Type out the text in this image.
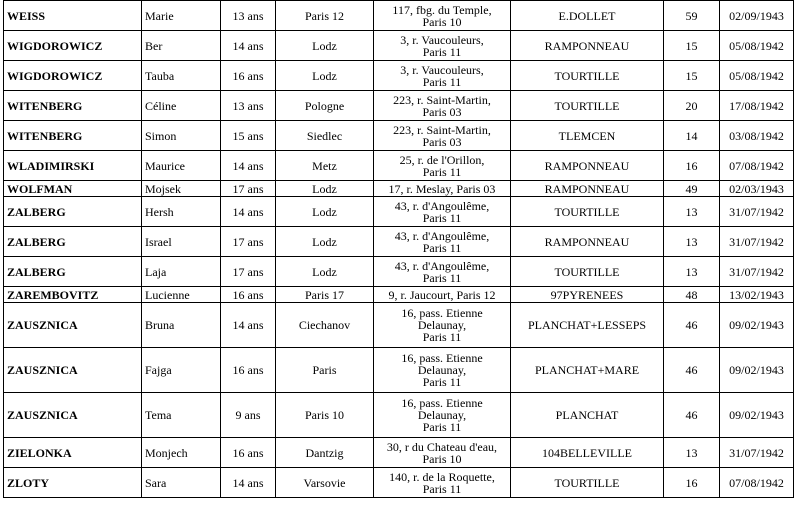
WEISS	Marie	13 ans	Paris 12	117, fbg. du Temple,
Paris 10	E.DOLLET	59	02/09/1943
WIGDOROWICZ	Ber	14 ans	Lodz	3, r. Vaucouleurs,
Paris 11	RAMPONNEAU	15	05/08/1942
WIGDOROWICZ	Tauba	16 ans	Lodz	3, r. Vaucouleurs,
Paris 11	TOURTILLE	15	05/08/1942
WITENBERG	Céline	13 ans	Pologne	223, r. Saint-Martin,
Paris 03	TOURTILLE	20	17/08/1942
WITENBERG	Simon	15 ans	Siedlec	223, r. Saint-Martin,
Paris 03	TLEMCEN	14	03/08/1942
WLADIMIRSKI	Maurice	14 ans	Metz	25, r. de l'Orillon,
Paris 11	RAMPONNEAU	16	07/08/1942
WOLFMAN	Mojsek	17 ans	Lodz	17, r. Meslay, Paris 03	RAMPONNEAU	49	02/03/1943
ZALBERG	Hersh	14 ans	Lodz	43, r. d'Angoulême,
Paris 11	TOURTILLE	13	31/07/1942
ZALBERG	Israel	17 ans	Lodz	43, r. d'Angoulême,
Paris 11	RAMPONNEAU	13	31/07/1942
ZALBERG	Laja	17 ans	Lodz	43, r. d'Angoulême,
Paris 11	TOURTILLE	13	31/07/1942
ZAREMBOVITZ	Lucienne	16 ans	Paris 17	9, r. Jaucourt, Paris 12	97PYRENEES	48	13/02/1943
ZAUSZNICA	Bruna	14 ans	Ciechanov	16, pass. Etienne
Delaunay,
Paris 11	PLANCHAT+LESSEPS	46	09/02/1943
ZAUSZNICA	Fajga	16 ans	Paris	16, pass. Etienne
Delaunay,
Paris 11	PLANCHAT+MARE	46	09/02/1943
ZAUSZNICA	Tema	9 ans	Paris 10	16, pass. Etienne
Delaunay,
Paris 11	PLANCHAT	46	09/02/1943
ZIELONKA	Monjech	16 ans	Dantzig	30, r du Chateau d'eau,
Paris 10	104BELLEVILLE	13	31/07/1942
ZLOTY	Sara	14 ans	Varsovie	140, r. de la Roquette,
Paris 11	TOURTILLE	16	07/08/1942
